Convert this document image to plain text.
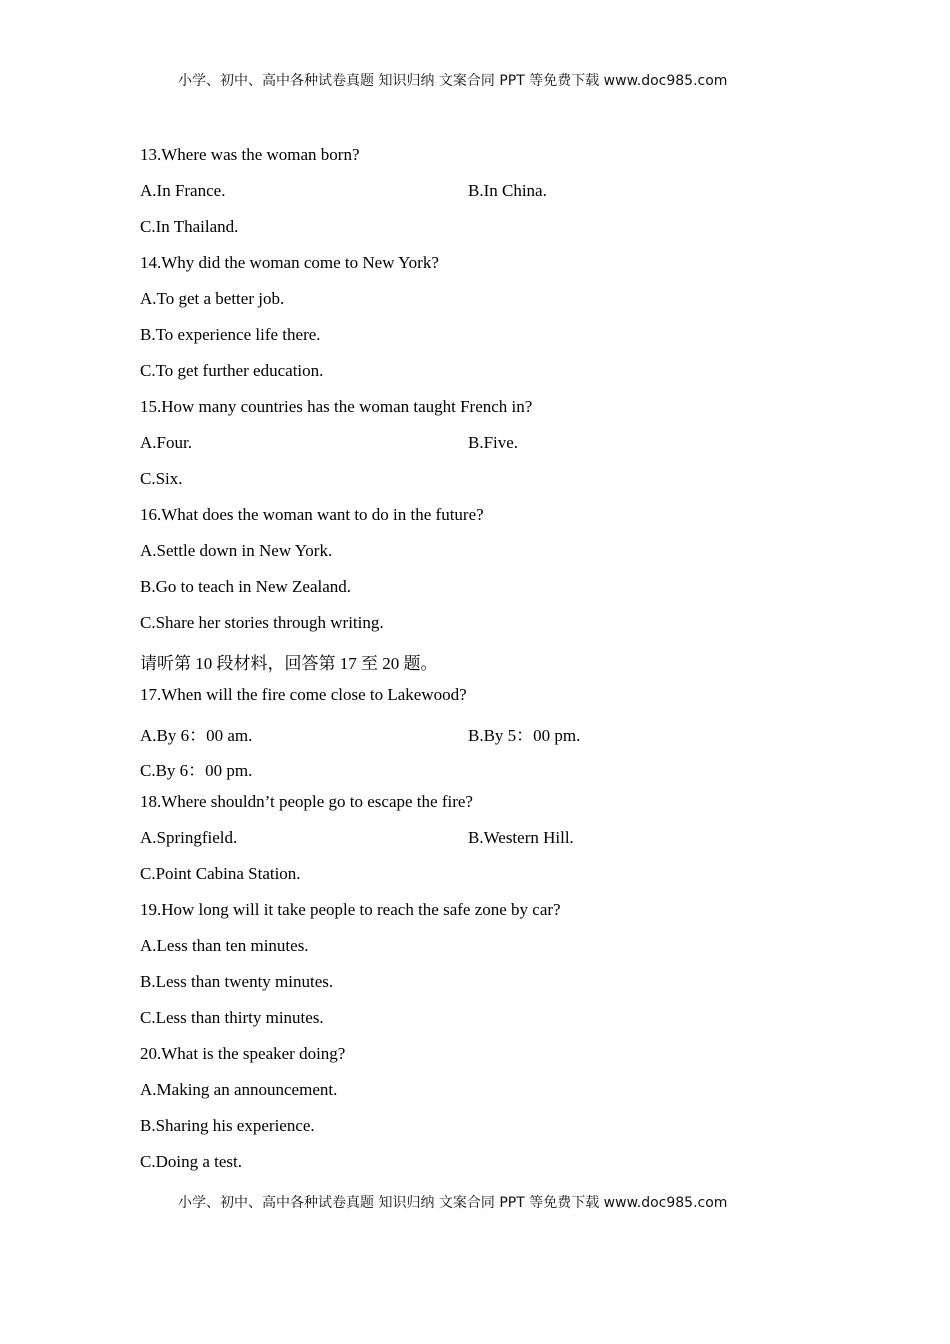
小学、初中、高中各种试卷真题 知识归纳 文案合同 PPT 等免费下载 www.doc985.com
13.Where was the woman born?
A.In France.	B.In China.
C.In Thailand.
14.Why did the woman come to New York?
A.To get a better job.
B.To experience life there.
C.To get further education.
15.How many countries has the woman taught French in?
A.Four.	B.Five.
C.Six.
16.What does the woman want to do in the future?
A.Settle down in New York.
B.Go to teach in New Zealand.
C.Share her stories through writing.
请听第 10 段材料，回答第 17 至 20 题。
17.When will the fire come close to Lakewood?
A.By 6：00 am.	B.By 5：00 pm.
C.By 6：00 pm.
18.Where shouldn’t people go to escape the fire?
A.Springfield.	B.Western Hill.
C.Point Cabina Station.
19.How long will it take people to reach the safe zone by car?
A.Less than ten minutes.
B.Less than twenty minutes.
C.Less than thirty minutes.
20.What is the speaker doing?
A.Making an announcement.
B.Sharing his experience.
C.Doing a test.
小学、初中、高中各种试卷真题 知识归纳 文案合同 PPT 等免费下载 www.doc985.com
